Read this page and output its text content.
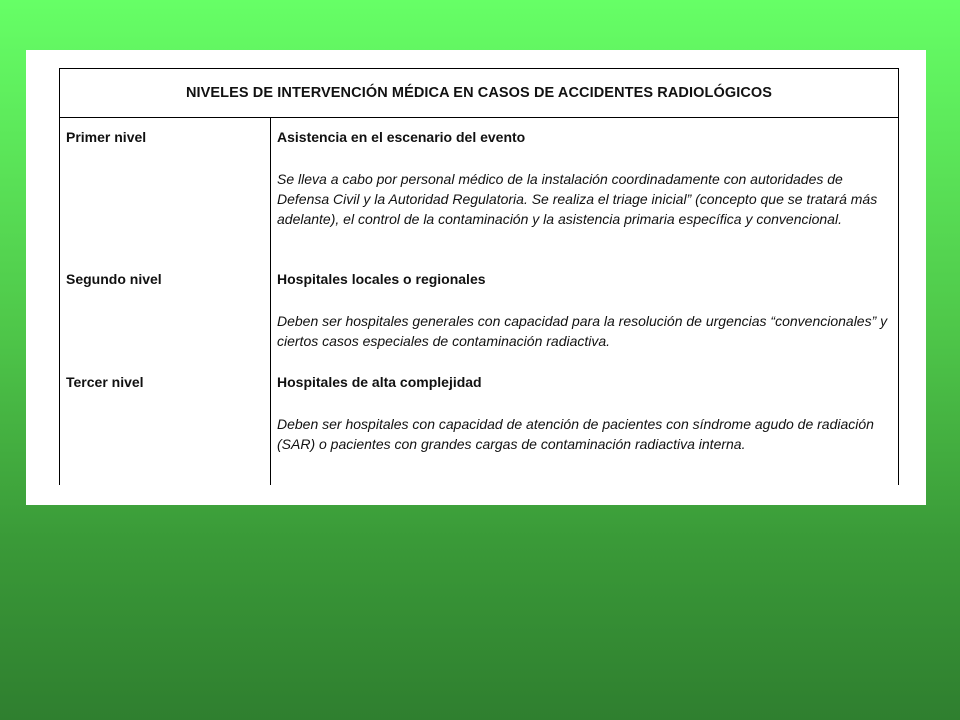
NIVELES DE INTERVENCIÓN MÉDICA EN CASOS DE ACCIDENTES RADIOLÓGICOS
Primer nivel	Asistencia en el escenario del evento
Se lleva a cabo por personal médico de la instalación coordinadamente con autoridades de Defensa Civil y la Autoridad Regulatoria. Se realiza el triage inicial” (concepto que se tratará más adelante), el control de la contaminación y la asistencia primaria específica y convencional.
Segundo nivel	Hospitales locales o regionales
Deben ser hospitales generales con capacidad para la resolución de urgencias “convencionales” y ciertos casos especiales de contaminación radiactiva.
Tercer nivel	Hospitales de alta complejidad
Deben ser hospitales con capacidad de atención de pacientes con síndrome agudo de radiación (SAR) o pacientes con grandes cargas de contaminación radiactiva interna.
